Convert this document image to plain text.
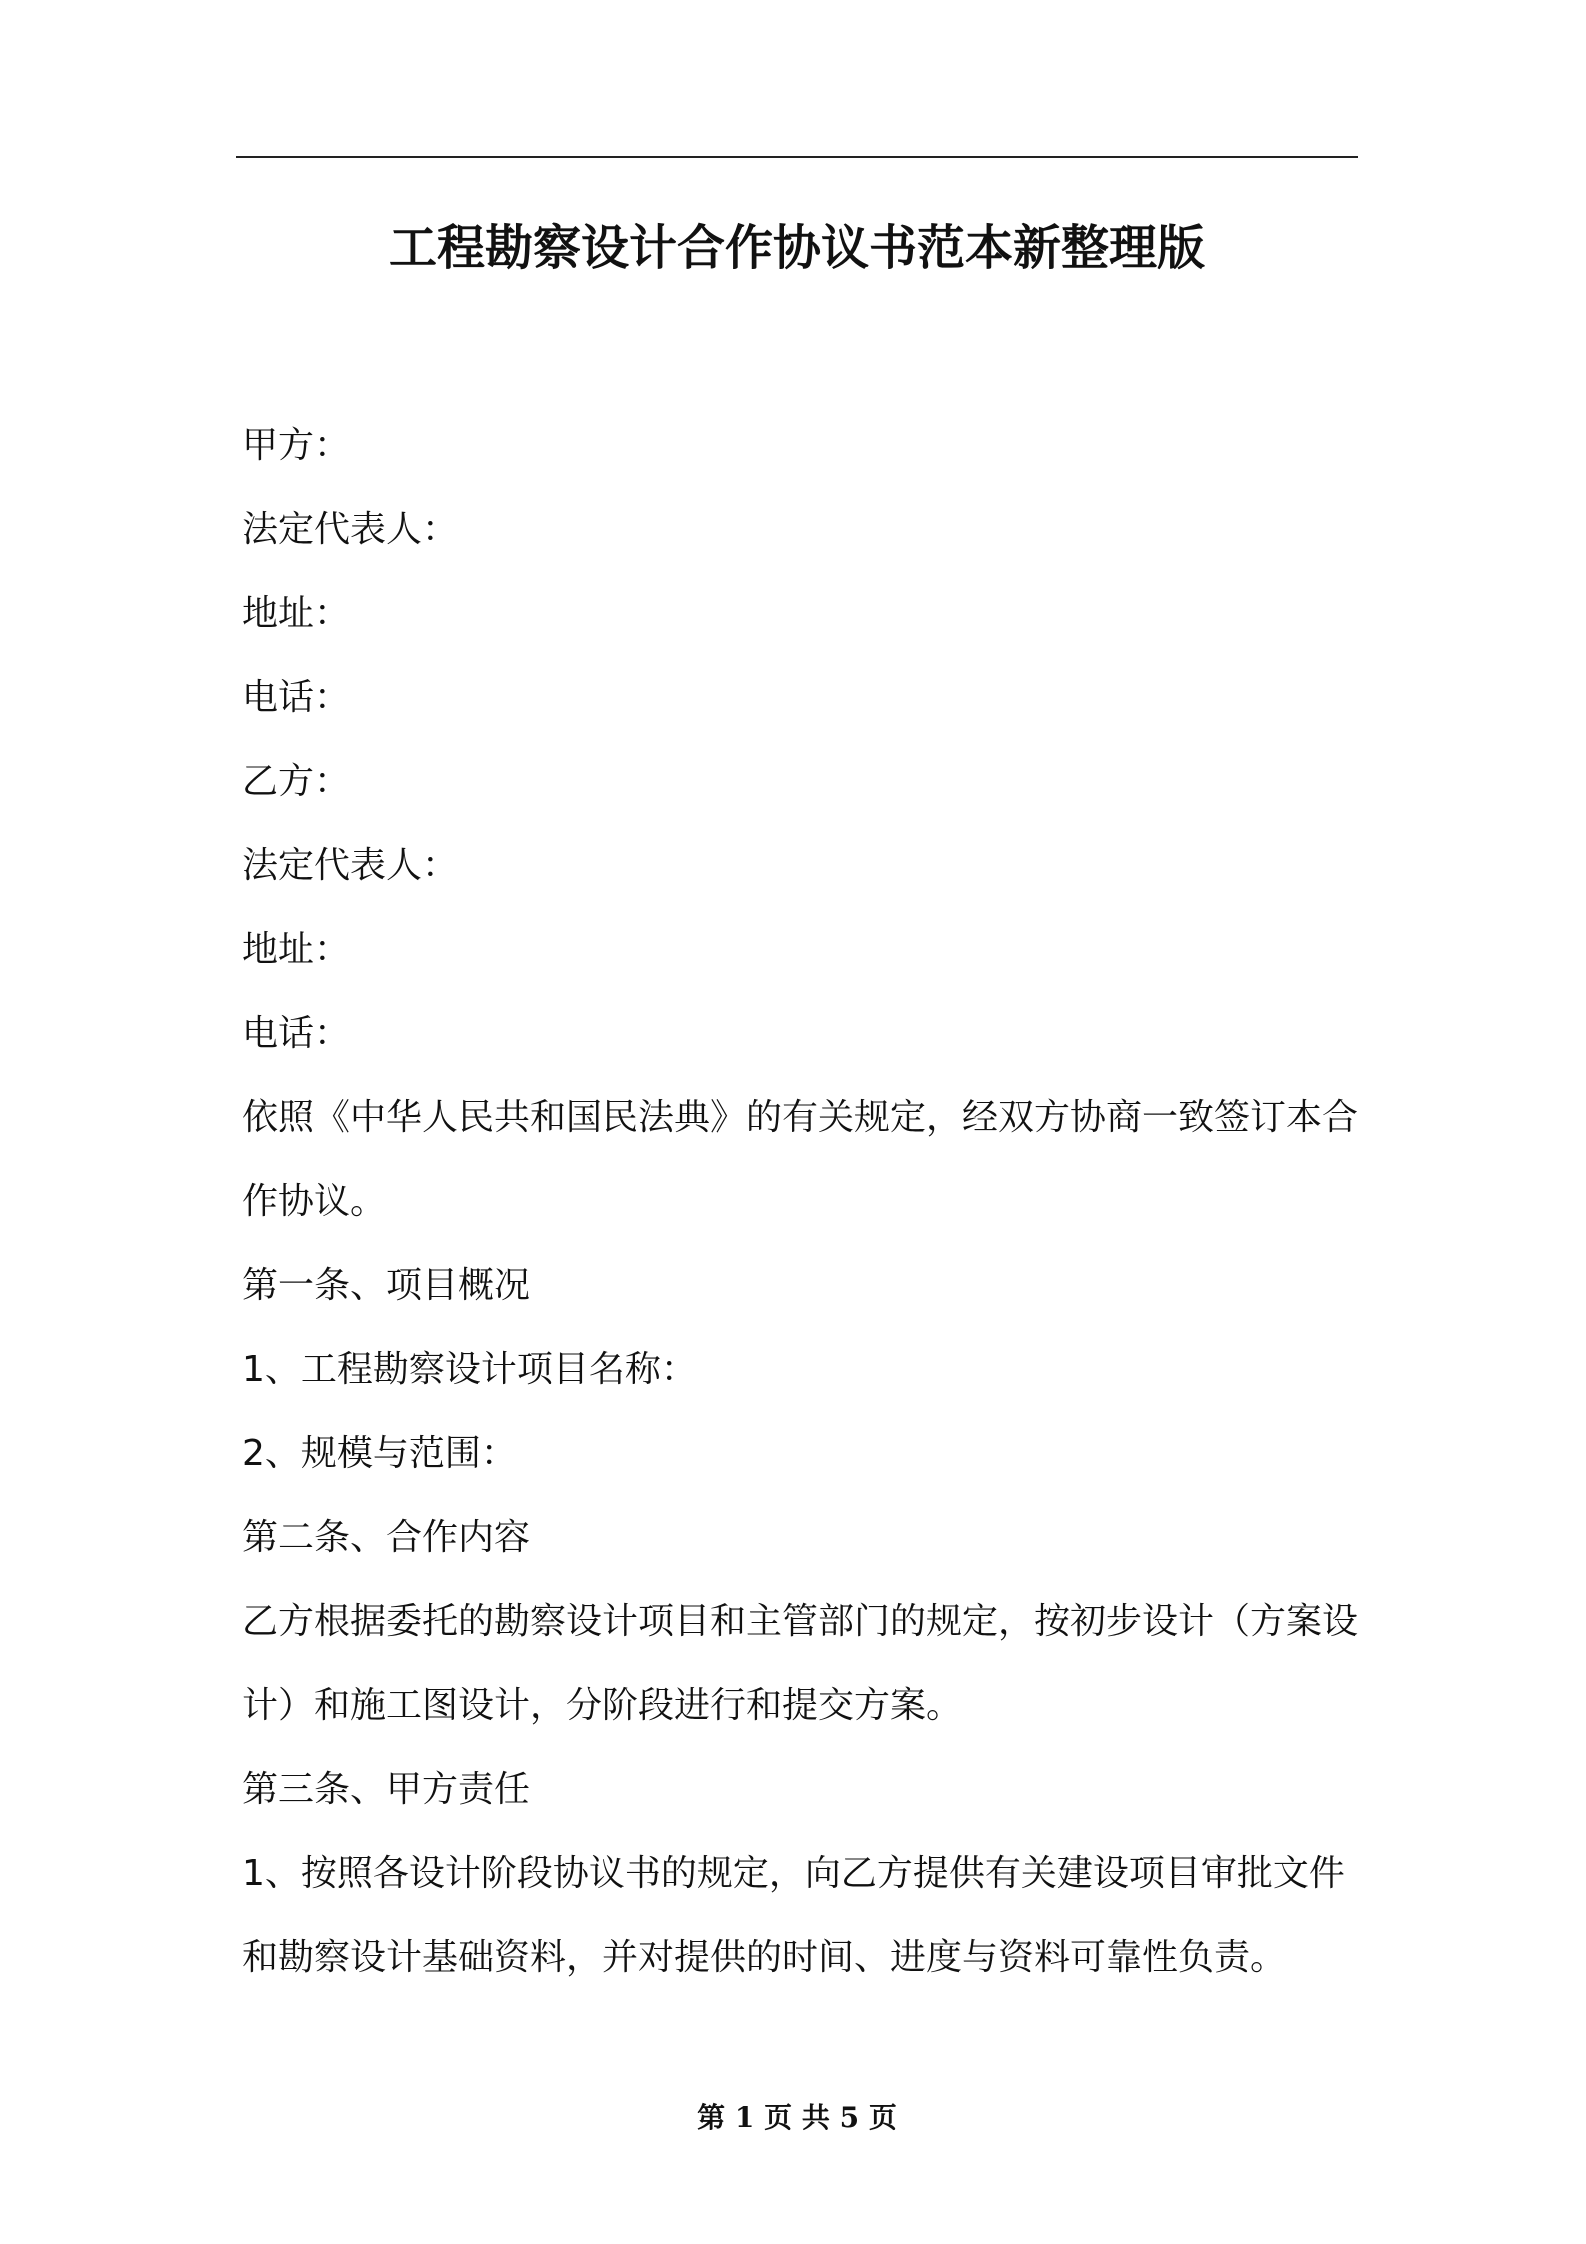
工程勘察设计合作协议书范本新整理版
甲方：
法定代表人：
地址：
电话：
乙方：
法定代表人：
地址：
电话：
依照《中华人民共和国民法典》的有关规定，经双方协商一致签订本合作协议。
第一条、项目概况
1、工程勘察设计项目名称：
2、规模与范围：
第二条、合作内容
乙方根据委托的勘察设计项目和主管部门的规定，按初步设计（方案设计）和施工图设计，分阶段进行和提交方案。
第三条、甲方责任
1、按照各设计阶段协议书的规定，向乙方提供有关建设项目审批文件和勘察设计基础资料，并对提供的时间、进度与资料可靠性负责。
第 1 页 共 5 页
